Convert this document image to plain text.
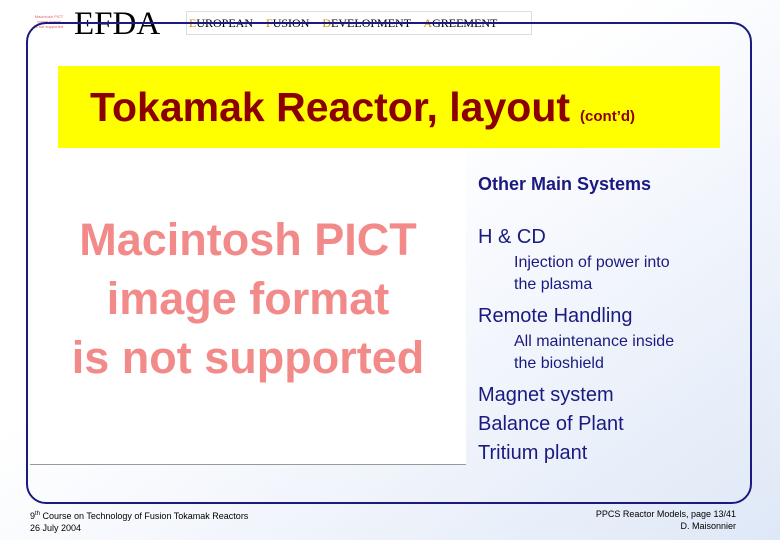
Macintosh PICT
image format
is not supported EFDA EUROPEAN FUSION DEVELOPMENT AGREEMENT
Tokamak Reactor, layout (cont’d)
Macintosh PICT
image format
is not supported
Other Main Systems
H & CD
Injection of power into
the plasma
Remote Handling
All maintenance inside
the bioshield
Magnet system
Balance of Plant
Tritium plant
9th Course on Technology of Fusion Tokamak Reactors
26 July 2004
PPCS Reactor Models, page 13/41
D. Maisonnier
